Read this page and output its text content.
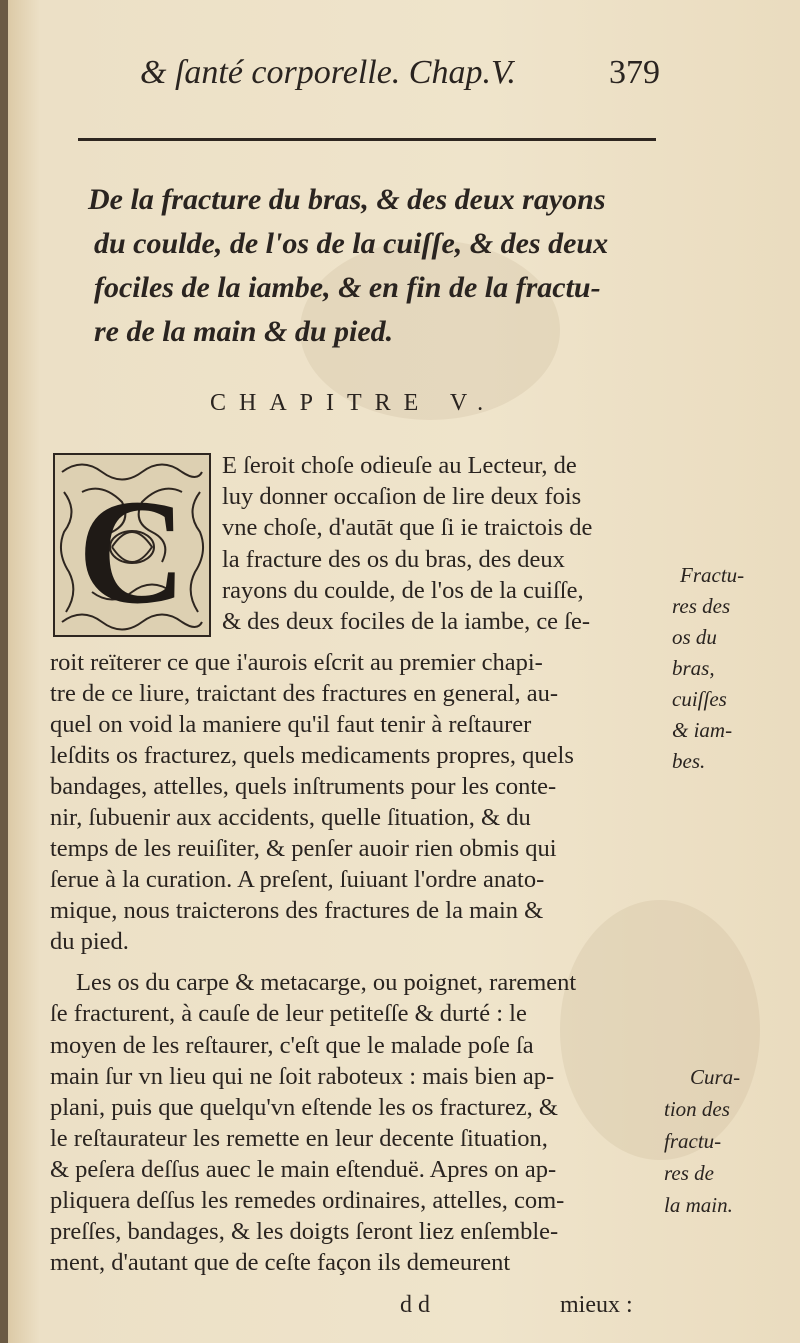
& ſanté corporelle. Chap.V.	379
De la fracture du bras, & des deux rayons
du coulde, de l'os de la cuiſſe, & des deux
fociles de la iambe, & en fin de la fractu-
re de la main & du pied.
CHAPITRE V.
C
E ſeroit choſe odieuſe au Lecteur, de
luy donner occaſion de lire deux fois
vne choſe, d'autāt que ſi ie traictois de
la fracture des os du bras, des deux
rayons du coulde, de l'os de la cuiſſe,
& des deux fociles de la iambe, ce ſe-
roit reïterer ce que i'aurois eſcrit au premier chapi-
tre de ce liure, traictant des fractures en general, au-
quel on void la maniere qu'il faut tenir à reſtaurer
leſdits os fracturez, quels medicaments propres, quels
bandages, attelles, quels inſtruments pour les conte-
nir, ſubuenir aux accidents, quelle ſituation, & du
temps de les reuiſiter, & penſer auoir rien obmis qui
ſerue à la curation. A preſent, ſuiuant l'ordre anato-
mique, nous traicterons des fractures de la main &
du pied.
Les os du carpe & metacarge, ou poignet, rarement
ſe fracturent, à cauſe de leur petiteſſe & durté : le
moyen de les reſtaurer, c'eſt que le malade poſe ſa
main ſur vn lieu qui ne ſoit raboteux : mais bien ap-
plani, puis que quelqu'vn eſtende les os fracturez, &
le reſtaurateur les remette en leur decente ſituation,
& peſera deſſus auec le main eſtenduë. Apres on ap-
pliquera deſſus les remedes ordinaires, attelles, com-
preſſes, bandages, & les doigts ſeront liez enſemble-
ment, d'autant que de ceſte façon ils demeurent
Fractu-
res des
os du
bras,
cuiſſes
& iam-
bes.
Cura-
tion des
fractu-
res de
la main.
d d	mieux :
